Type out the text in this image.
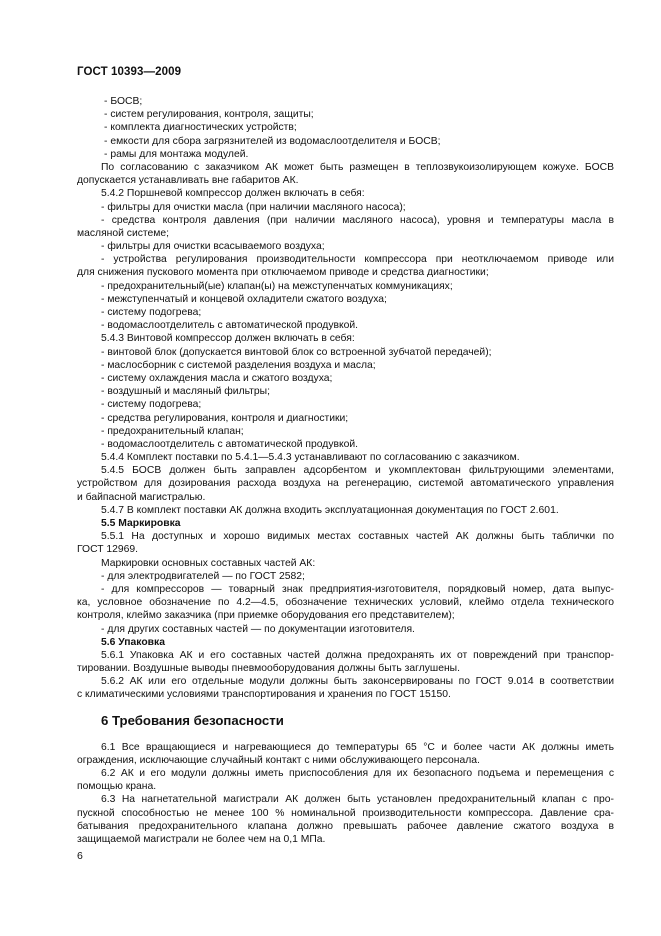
ГОСТ 10393—2009
- БОСВ;
- систем регулирования, контроля, защиты;
- комплекта диагностических устройств;
- емкости для сбора загрязнителей из водомаслоотделителя и БОСВ;
- рамы для монтажа модулей.
По согласованию с заказчиком АК может быть размещен в теплозвукоизолирующем кожухе. БОСВ
допускается устанавливать вне габаритов АК.
5.4.2 Поршневой компрессор должен включать в себя:
- фильтры для очистки масла (при наличии масляного насоса);
- средства контроля давления (при наличии масляного насоса), уровня и температуры масла в
масляной системе;
- фильтры для очистки всасываемого воздуха;
- устройства регулирования производительности компрессора при неотключаемом приводе или
для снижения пускового момента при отключаемом приводе и средства диагностики;
- предохранительный(ые) клапан(ы) на межступенчатых коммуникациях;
- межступенчатый и концевой охладители сжатого воздуха;
- систему подогрева;
- водомаслоотделитель с автоматической продувкой.
5.4.3 Винтовой компрессор должен включать в себя:
- винтовой блок (допускается винтовой блок со встроенной зубчатой передачей);
- маслосборник с системой разделения воздуха и масла;
- систему охлаждения масла и сжатого воздуха;
- воздушный и масляный фильтры;
- систему подогрева;
- средства регулирования, контроля и диагностики;
- предохранительный клапан;
- водомаслоотделитель с автоматической продувкой.
5.4.4 Комплект поставки по 5.4.1—5.4.3 устанавливают по согласованию с заказчиком.
5.4.5 БОСВ должен быть заправлен адсорбентом и укомплектован фильтрующими элементами,
устройством для дозирования расхода воздуха на регенерацию, системой автоматического управления
и байпасной магистралью.
5.4.7 В комплект поставки АК должна входить эксплуатационная документация по ГОСТ 2.601.
5.5 Маркировка
5.5.1 На доступных и хорошо видимых местах составных частей АК должны быть таблички по
ГОСТ 12969.
Маркировки основных составных частей АК:
- для электродвигателей — по ГОСТ 2582;
- для компрессоров — товарный знак предприятия-изготовителя, порядковый номер, дата выпус-
ка, условное обозначение по 4.2—4.5, обозначение технических условий, клеймо отдела технического
контроля, клеймо заказчика (при приемке оборудования его представителем);
- для других составных частей — по документации изготовителя.
5.6 Упаковка
5.6.1 Упаковка АК и его составных частей должна предохранять их от повреждений при транспор-
тировании. Воздушные выводы пневмооборудования должны быть заглушены.
5.6.2 АК или его отдельные модули должны быть законсервированы по ГОСТ 9.014 в соответствии
с климатическими условиями транспортирования и хранения по ГОСТ 15150.
6 Требования безопасности
6.1 Все вращающиеся и нагревающиеся до температуры 65 °С и более части АК должны иметь
ограждения, исключающие случайный контакт с ними обслуживающего персонала.
6.2 АК и его модули должны иметь приспособления для их безопасного подъема и перемещения с
помощью крана.
6.3 На нагнетательной магистрали АК должен быть установлен предохранительный клапан с про-
пускной способностью не менее 100 % номинальной производительности компрессора. Давление сра-
батывания предохранительного клапана должно превышать рабочее давление сжатого воздуха в
защищаемой магистрали не более чем на 0,1 МПа.
6
